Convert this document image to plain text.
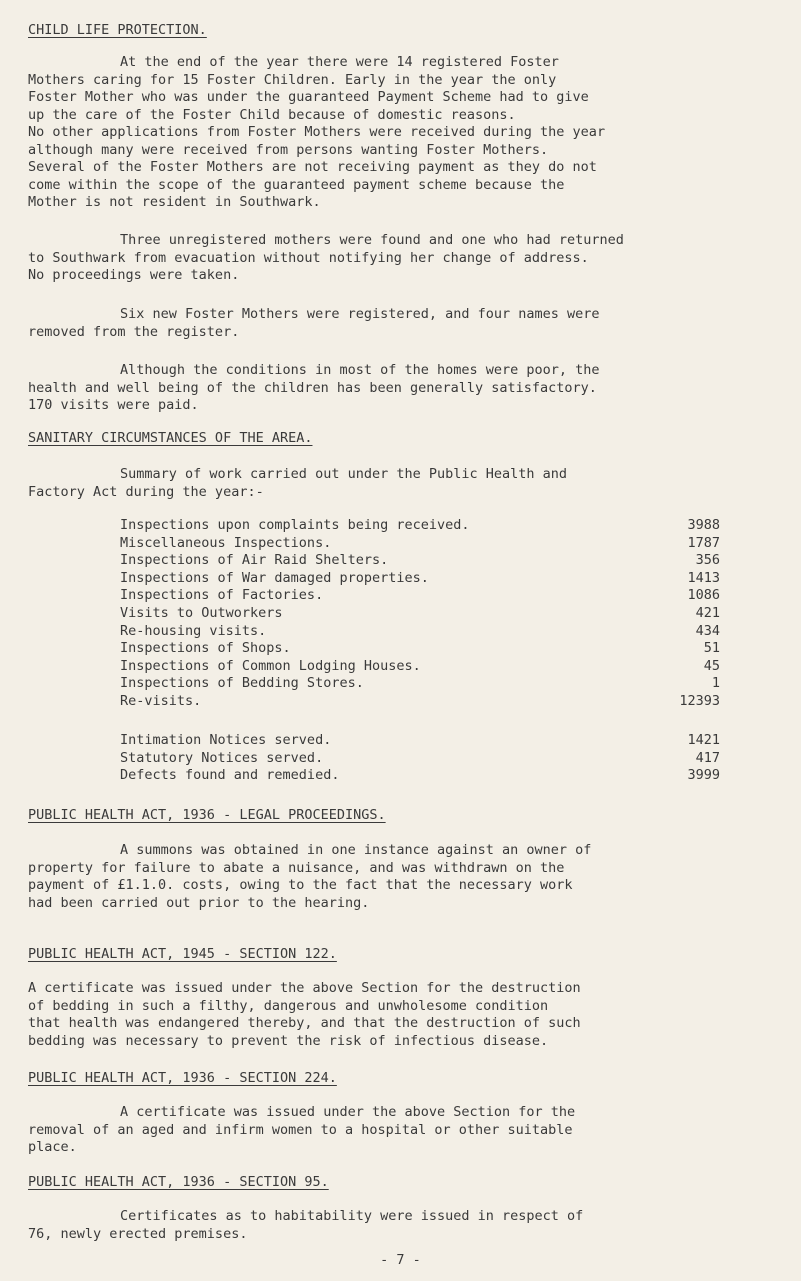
CHILD LIFE PROTECTION.
At the end of the year there were 14 registered Foster
Mothers caring for 15 Foster Children. Early in the year the only
Foster Mother who was under the guaranteed Payment Scheme had to give
up the care of the Foster Child because of domestic reasons.
No other applications from Foster Mothers were received during the year
although many were received from persons wanting Foster Mothers.
Several of the Foster Mothers are not receiving payment as they do not
come within the scope of the guaranteed payment scheme because the
Mother is not resident in Southwark.
Three unregistered mothers were found and one who had returned
to Southwark from evacuation without notifying her change of address.
No proceedings were taken.
Six new Foster Mothers were registered, and four names were
removed from the register.
Although the conditions in most of the homes were poor, the
health and well being of the children has been generally satisfactory.
170 visits were paid.
SANITARY CIRCUMSTANCES OF THE AREA.
Summary of work carried out under the Public Health and
Factory Act during the year:-
Inspections upon complaints being received.	3988
Miscellaneous Inspections.	1787
Inspections of Air Raid Shelters.	356
Inspections of War damaged properties.	1413
Inspections of Factories.	1086
Visits to Outworkers	421
Re-housing visits.	434
Inspections of Shops.	51
Inspections of Common Lodging Houses.	45
Inspections of Bedding Stores.	1
Re-visits.	12393
Intimation Notices served.	1421
Statutory Notices served.	417
Defects found and remedied.	3999
PUBLIC HEALTH ACT, 1936 - LEGAL PROCEEDINGS.
A summons was obtained in one instance against an owner of
property for failure to abate a nuisance, and was withdrawn on the
payment of £1.1.0. costs, owing to the fact that the necessary work
had been carried out prior to the hearing.
PUBLIC HEALTH ACT, 1945 - SECTION 122.
A certificate was issued under the above Section for the destruction
of bedding in such a filthy, dangerous and unwholesome condition
that health was endangered thereby, and that the destruction of such
bedding was necessary to prevent the risk of infectious disease.
PUBLIC HEALTH ACT, 1936 - SECTION 224.
A certificate was issued under the above Section for the
removal of an aged and infirm women to a hospital or other suitable
place.
PUBLIC HEALTH ACT, 1936 - SECTION 95.
Certificates as to habitability were issued in respect of
76, newly erected premises.
- 7 -
